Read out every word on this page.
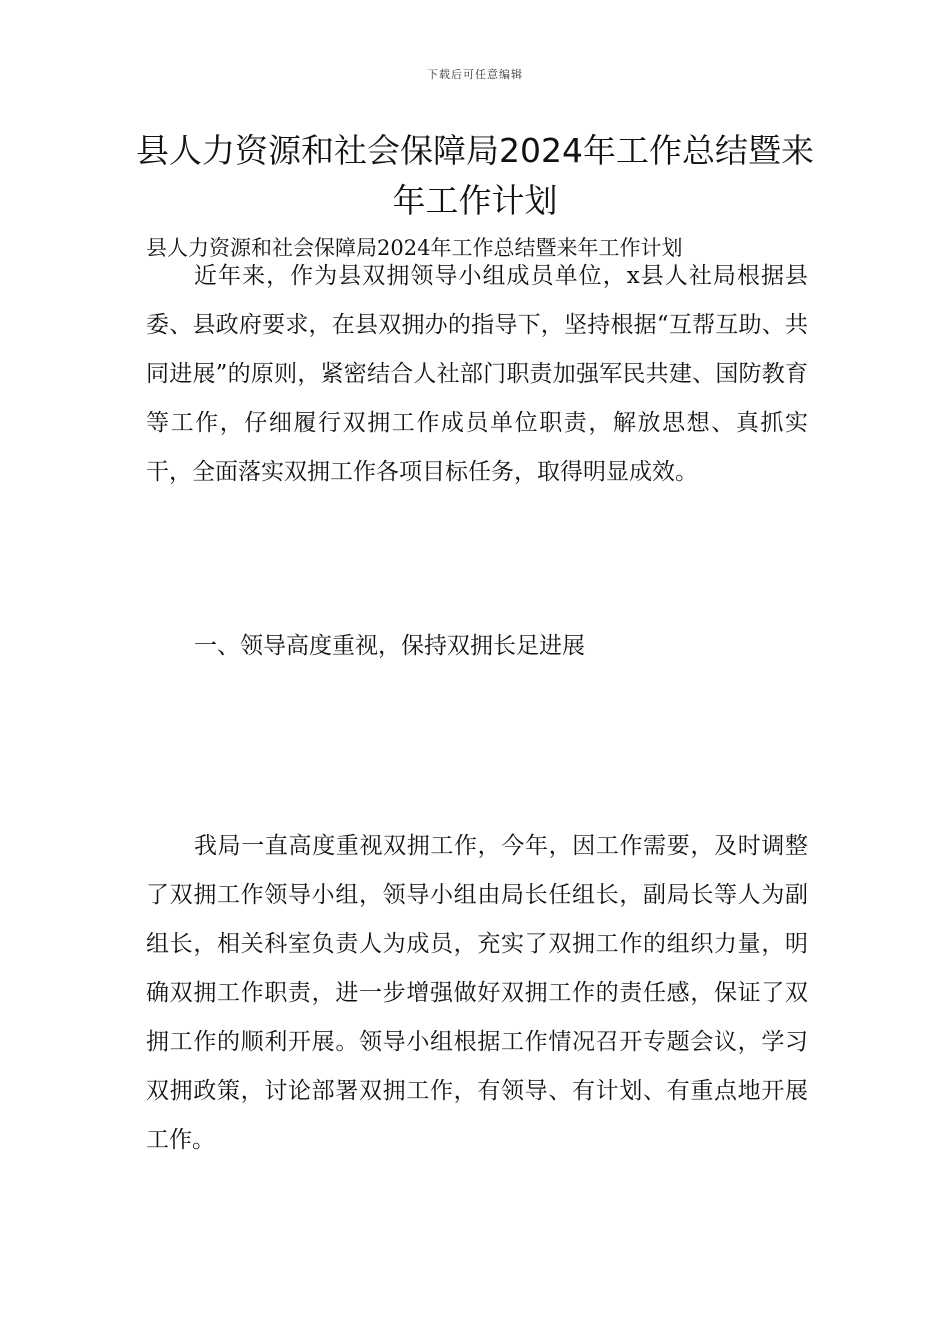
下载后可任意编辑
县人力资源和社会保障局2024年工作总结暨来年工作计划
县人力资源和社会保障局2024年工作总结暨来年工作计划

近年来，作为县双拥领导小组成员单位，x县人社局根据县委、县政府要求，在县双拥办的指导下，坚持根据“互帮互助、共同进展”的原则，紧密结合人社部门职责加强军民共建、国防教育等工作，仔细履行双拥工作成员单位职责，解放思想、真抓实干，全面落实双拥工作各项目标任务，取得明显成效。

一、领导高度重视，保持双拥长足进展

我局一直高度重视双拥工作，今年，因工作需要，及时调整了双拥工作领导小组，领导小组由局长任组长，副局长等人为副组长，相关科室负责人为成员，充实了双拥工作的组织力量，明确双拥工作职责，进一步增强做好双拥工作的责任感，保证了双拥工作的顺利开展。领导小组根据工作情况召开专题会议，学习双拥政策，讨论部署双拥工作，有领导、有计划、有重点地开展工作。
